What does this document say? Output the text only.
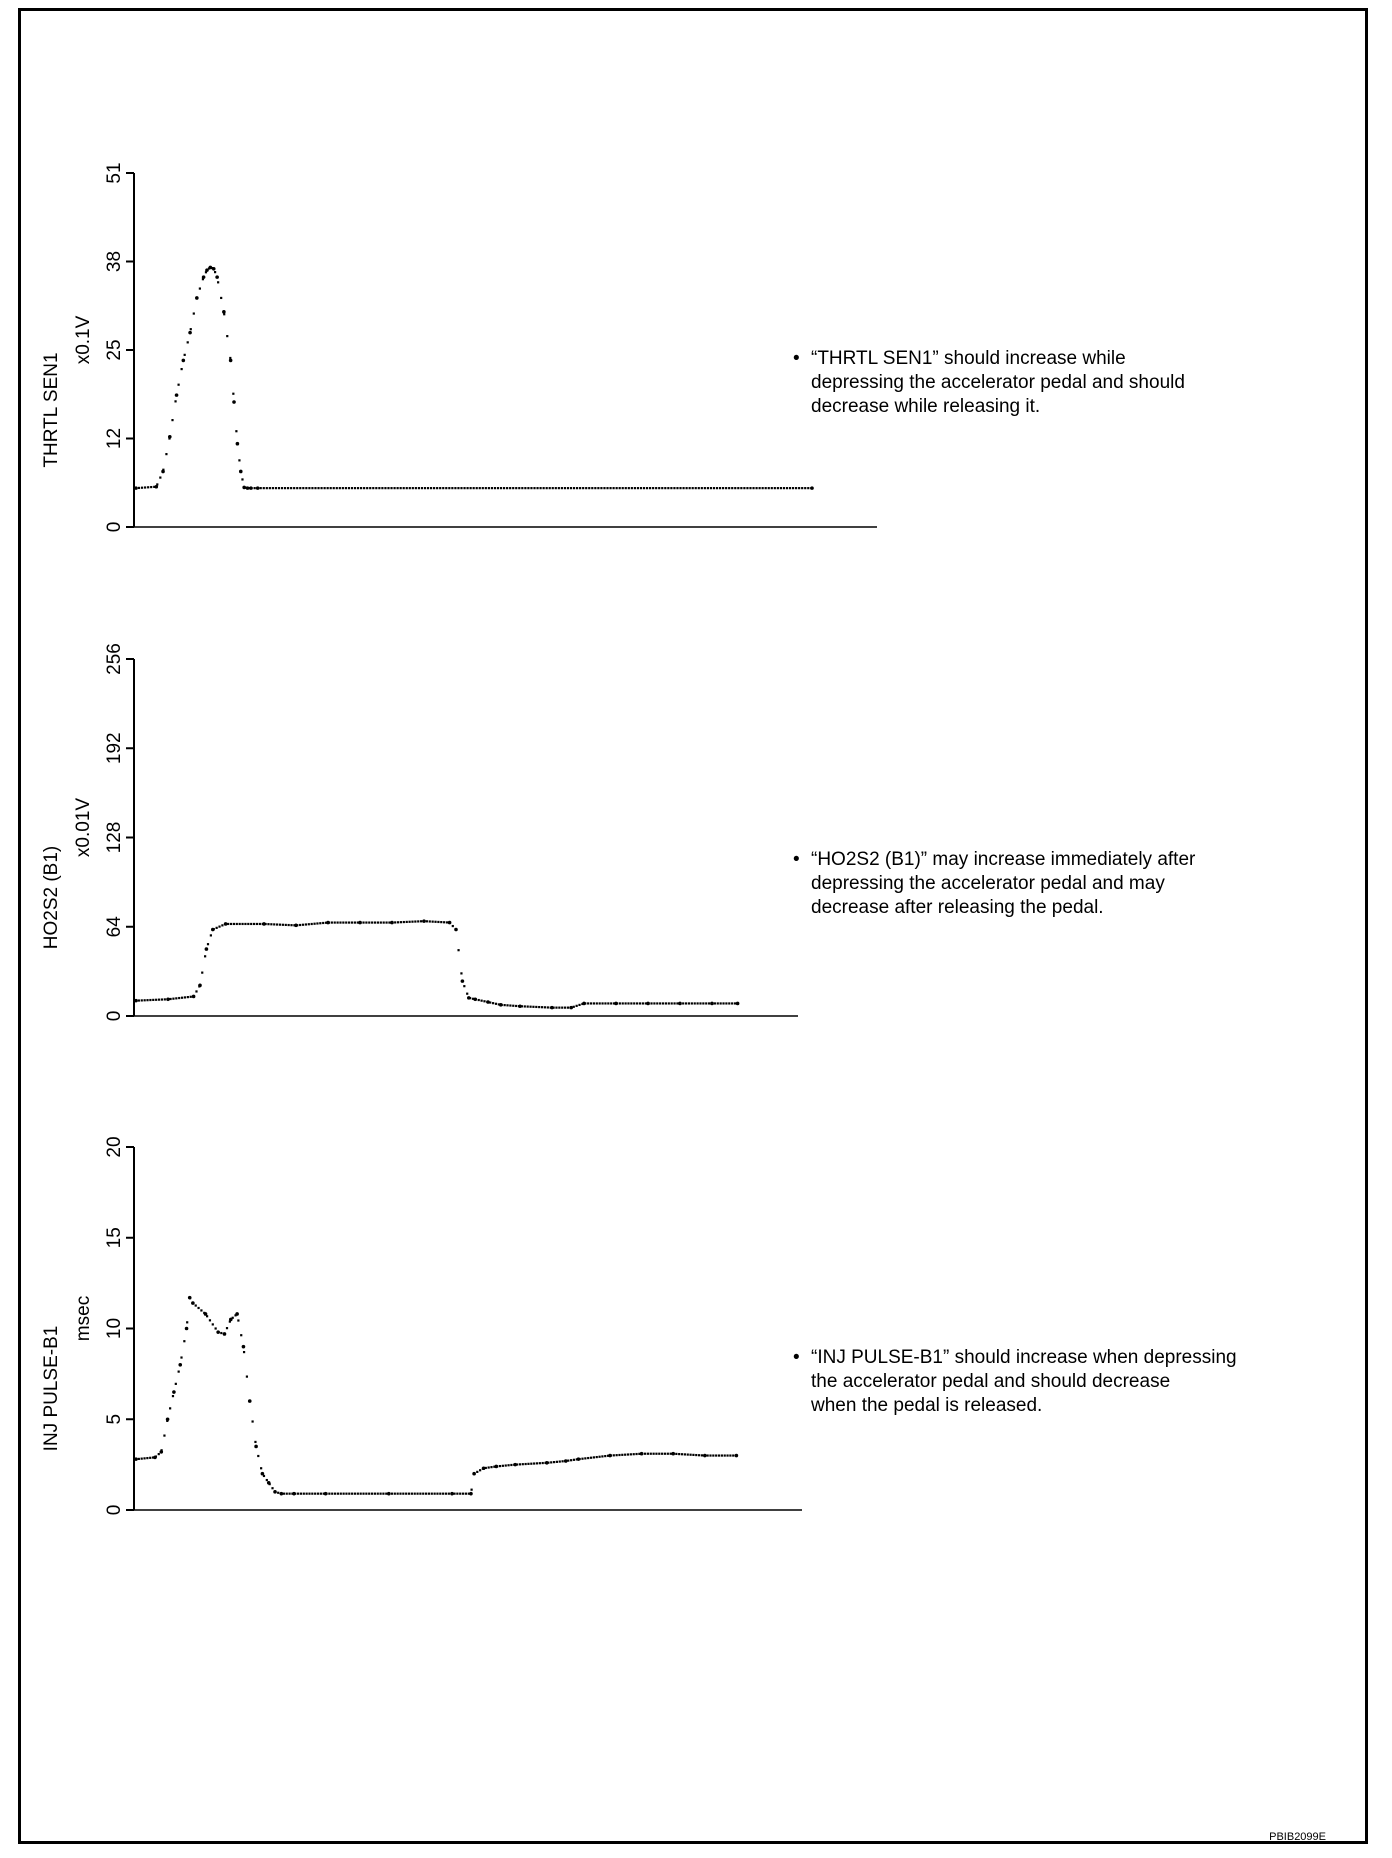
0
12
25
38
51
THRTL SEN1
x0.1V
0
64
128
192
256
HO2S2 (B1)
x0.01V
0
5
10
15
20
INJ PULSE-B1
msec
• “THRTL SEN1” should increase while
depressing the accelerator pedal and should
decrease while releasing it.
• “HO2S2 (B1)” may increase immediately after
depressing the accelerator pedal and may
decrease after releasing the pedal.
• “INJ PULSE-B1” should increase when depressing
the accelerator pedal and should decrease
when the pedal is released.
PBIB2099E
